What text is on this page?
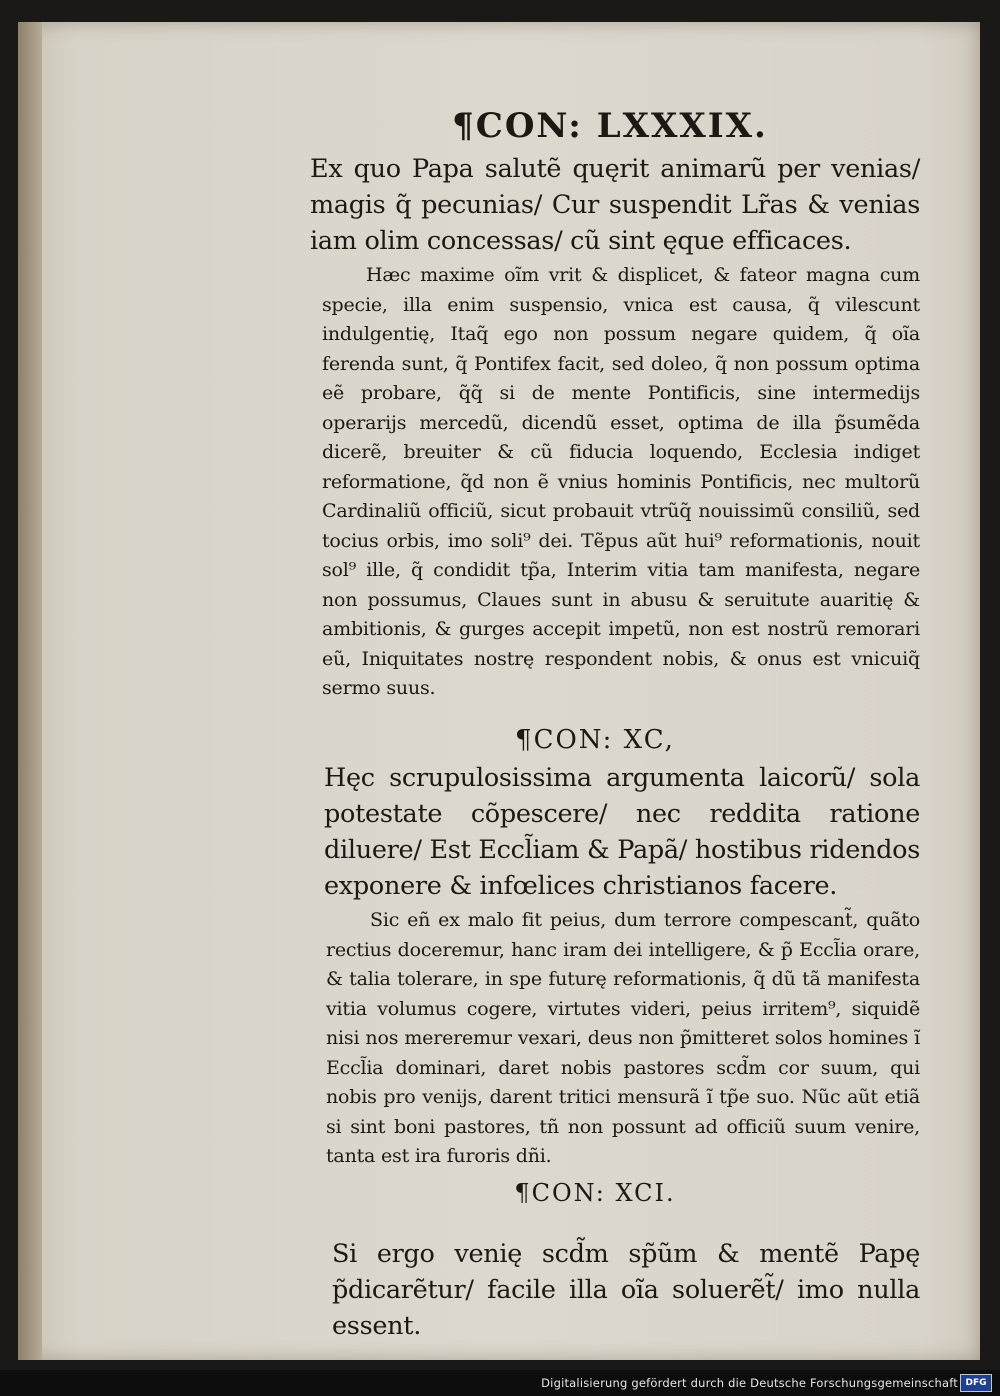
¶CON: LXXXIX.

Ex quo Papa salutẽ quęrit animarũ per venias/ magis q̃ pecunias/ Cur suspendit Lr̃as & venias iam olim concessas/ cũ sint ęque efficaces.

Hæc maxime oĩm vrit & displicet, & fateor magna cum specie, illa enim suspensio, vnica est causa, q̃ vilescunt indulgentię, Itaq̃ ego non possum negare quidem, q̃ oĩa ferenda sunt, q̃ Pontifex facit, sed doleo, q̃ non possum optima eẽ probare, q̃q̃ si de mente Pontificis, sine intermedijs operarijs mercedũ, dicendũ esset, optima de illa p̃sumẽda dicerẽ, breuiter & cũ fiducia loquendo, Ecclesia indiget reformatione, q̃d non ẽ vnius hominis Pontificis, nec multorũ Cardinaliũ officiũ, sicut probauit vtrũq̃ nouissimũ consiliũ, sed tocius orbis, imo soli⁹ dei. Tẽpus aũt hui⁹ reformationis, nouit sol⁹ ille, q̃ condidit tp̃a, Interim vitia tam manifesta, negare non possumus, Claues sunt in abusu & seruitute auaritię & ambitionis, & gurges accepit impetũ, non est nostrũ remorari eũ, Iniquitates nostrę respondent nobis, & onus est vnicuiq̃ sermo suus.

¶CON: XC,

Hęc scrupulosissima argumenta laicorũ/ sola potestate cõpescere/ nec reddita ratione diluere/ Est Eccl̃iam & Papã/ hostibus ridendos exponere & infœlices christianos facere.

Sic eñ ex malo fit peius, dum terrore compescant̃, quãto rectius doceremur, hanc iram dei intelligere, & p̃ Eccl̃ia orare, & talia tolerare, in spe futurę reformationis, q̃ dũ tã manifesta vitia volumus cogere, virtutes videri, peius irritem⁹, siquidẽ nisi nos mereremur vexari, deus non p̃mitteret solos homines ĩ Eccl̃ia dominari, daret nobis pastores scd̃m cor suum, qui nobis pro venijs, darent tritici mensurã ĩ tp̃e suo. Nũc aũt etiã si sint boni pastores, tñ non possunt ad officiũ suum venire, tanta est ira furoris dñi.

¶CON: XCI.

Si ergo venię scd̃m sp̃ũm & mentẽ Papę p̃dicarẽtur/ facile illa oĩa soluerẽt̃/ imo nulla essent.

Digitalisierung gefördert durch die Deutsche Forschungsgemeinschaft DFG
